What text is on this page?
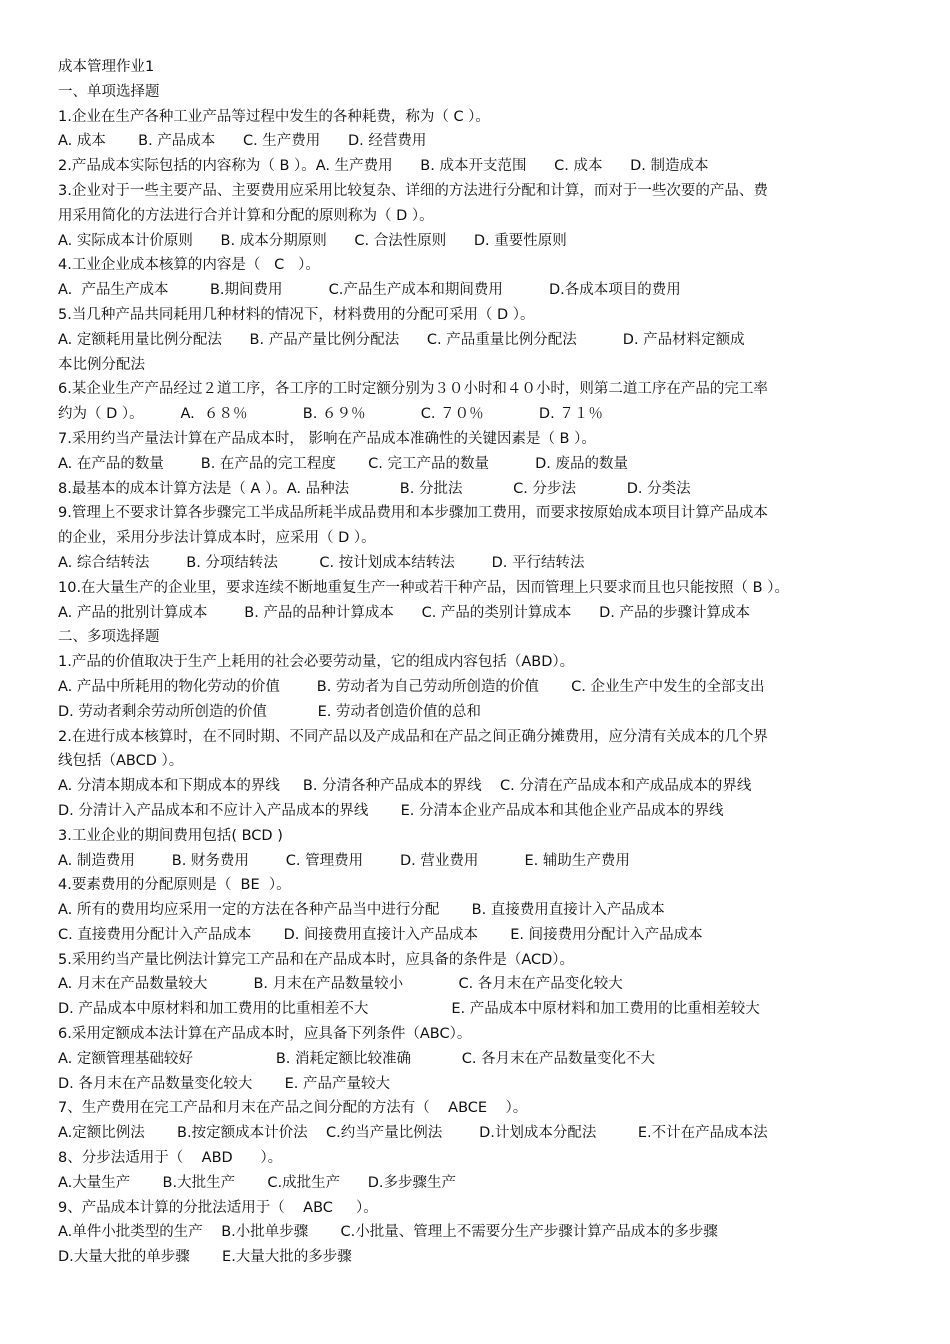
成本管理作业1
一、单项选择题
1.企业在生产各种工业产品等过程中发生的各种耗费，称为（ C ）。
A. 成本       B. 产品成本      C. 生产费用      D. 经营费用
2.产品成本实际包括的内容称为（ B ）。A. 生产费用      B. 成本开支范围      C. 成本      D. 制造成本
3.企业对于一些主要产品、主要费用应采用比较复杂、详细的方法进行分配和计算，而对于一些次要的产品、费
用采用简化的方法进行合并计算和分配的原则称为（ D ）。
A. 实际成本计价原则      B. 成本分期原则      C. 合法性原则      D. 重要性原则
4.工业企业成本核算的内容是（   C   ）。
A.  产品生产成本         B.期间费用          C.产品生产成本和期间费用          D.各成本项目的费用
5.当几种产品共同耗用几种材料的情况下，材料费用的分配可采用（ D ）。
A. 定额耗用量比例分配法      B. 产品产量比例分配法      C. 产品重量比例分配法          D. 产品材料定额成
本比例分配法
6.某企业生产产品经过２道工序，各工序的工时定额分别为３０小时和４０小时，则第二道工序在产品的完工率
约为（ D ）。        A.  ６８％            B. ６９％            C. ７０％            D. ７１％
7.采用约当产量法计算在产品成本时， 影响在产品成本准确性的关键因素是（ B ）。
A. 在产品的数量        B. 在产品的完工程度       C. 完工产品的数量          D. 废品的数量
8.最基本的成本计算方法是（ A ）。A. 品种法           B. 分批法           C. 分步法           D. 分类法
9.管理上不要求计算各步骤完工半成品所耗半成品费用和本步骤加工费用，而要求按原始成本项目计算产品成本
的企业，采用分步法计算成本时，应采用（ D ）。
A. 综合结转法        B. 分项结转法         C. 按计划成本结转法        D. 平行结转法
10.在大量生产的企业里，要求连续不断地重复生产一种或若干种产品，因而管理上只要求而且也只能按照（ B ）。
A. 产品的批别计算成本        B. 产品的品种计算成本      C. 产品的类别计算成本      D. 产品的步骤计算成本
二、多项选择题
1.产品的价值取决于生产上耗用的社会必要劳动量，它的组成内容包括（ABD）。
A. 产品中所耗用的物化劳动的价值        B. 劳动者为自己劳动所创造的价值       C. 企业生产中发生的全部支出
D. 劳动者剩余劳动所创造的价值           E. 劳动者创造价值的总和
2.在进行成本核算时，在不同时期、不同产品以及产成品和在产品之间正确分摊费用，应分清有关成本的几个界
线包括（ABCD ）。
A. 分清本期成本和下期成本的界线     B. 分清各种产品成本的界线    C. 分清在产品成本和产成品成本的界线
D. 分清计入产品成本和不应计入产品成本的界线       E. 分清本企业产品成本和其他企业产品成本的界线
3.工业企业的期间费用包括( BCD )
A. 制造费用        B. 财务费用        C. 管理费用        D. 营业费用          E. 辅助生产费用
4.要素费用的分配原则是（  BE  ）。
A. 所有的费用均应采用一定的方法在各种产品当中进行分配       B. 直接费用直接计入产品成本
C. 直接费用分配计入产品成本       D. 间接费用直接计入产品成本       E. 间接费用分配计入产品成本
5.采用约当产量比例法计算完工产品和在产品成本时，应具备的条件是（ACD）。
A. 月末在产品数量较大          B. 月末在产品数量较小            C. 各月末在产品变化较大
D. 产品成本中原材料和加工费用的比重相差不大                  E. 产品成本中原材料和加工费用的比重相差较大
6.采用定额成本法计算在产品成本时，应具备下列条件（ABC）。
A. 定额管理基础较好                  B. 消耗定额比较准确           C. 各月末在产品数量变化不大
D. 各月末在产品数量变化较大       E. 产品产量较大
7、生产费用在完工产品和月末在产品之间分配的方法有（    ABCE    ）。
A.定额比例法       B.按定额成本计价法    C.约当产量比例法        D.计划成本分配法         E.不计在产品成本法
8、分步法适用于（    ABD      ）。
A.大量生产       B.大批生产       C.成批生产      D.多步骤生产
9、产品成本计算的分批法适用于（    ABC     ）。
A.单件小批类型的生产    B.小批单步骤       C.小批量、管理上不需要分生产步骤计算产品成本的多步骤
D.大量大批的单步骤       E.大量大批的多步骤
